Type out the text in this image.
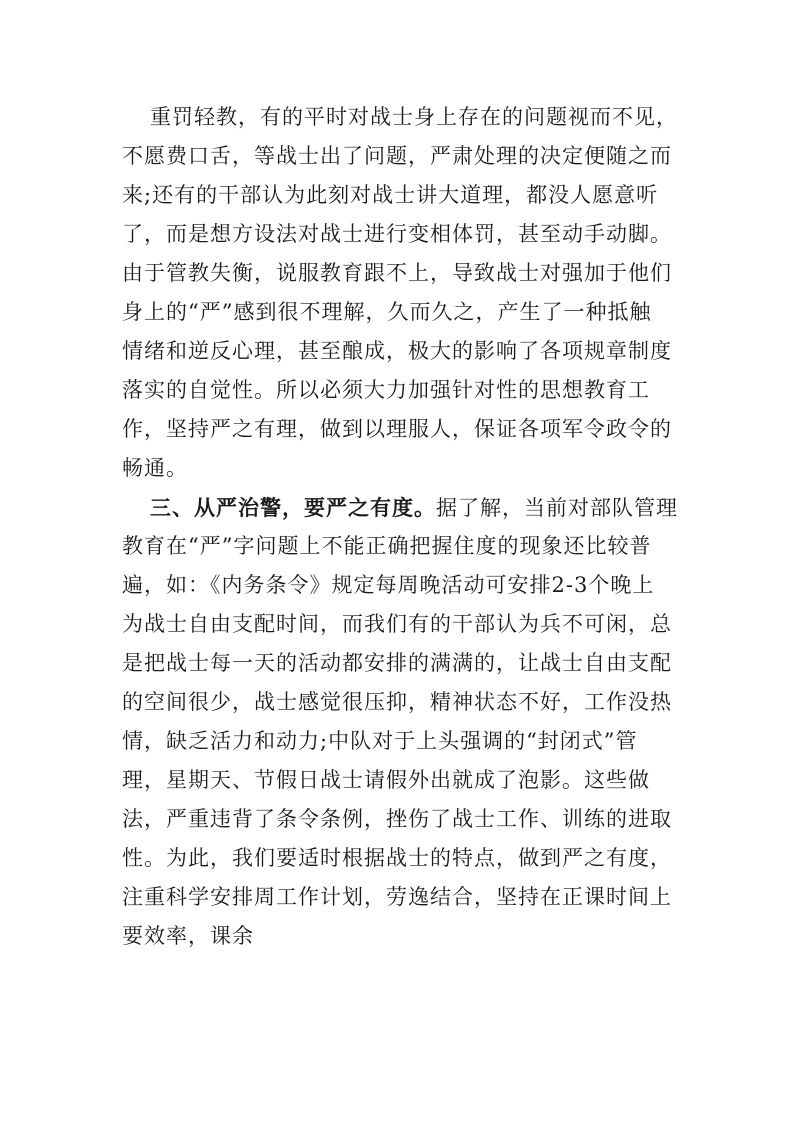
重罚轻教，有的平时对战士身上存在的问题视而不见，
不愿费口舌，等战士出了问题，严肃处理的决定便随之而
来;还有的干部认为此刻对战士讲大道理，都没人愿意听
了，而是想方设法对战士进行变相体罚，甚至动手动脚。
由于管教失衡，说服教育跟不上，导致战士对强加于他们
身上的“严”感到很不理解，久而久之，产生了一种抵触
情绪和逆反心理，甚至酿成，极大的影响了各项规章制度
落实的自觉性。所以必须大力加强针对性的思想教育工
作，坚持严之有理，做到以理服人，保证各项军令政令的
畅通。
三、从严治警，要严之有度。据了解，当前对部队管理
教育在“严”字问题上不能正确把握住度的现象还比较普
遍，如：《内务条令》规定每周晚活动可安排2-3个晚上
为战士自由支配时间，而我们有的干部认为兵不可闲，总
是把战士每一天的活动都安排的满满的，让战士自由支配
的空间很少，战士感觉很压抑，精神状态不好，工作没热
情，缺乏活力和动力;中队对于上头强调的“封闭式”管
理，星期天、节假日战士请假外出就成了泡影。这些做
法，严重违背了条令条例，挫伤了战士工作、训练的进取
性。为此，我们要适时根据战士的特点，做到严之有度，
注重科学安排周工作计划，劳逸结合，坚持在正课时间上
要效率，课余
